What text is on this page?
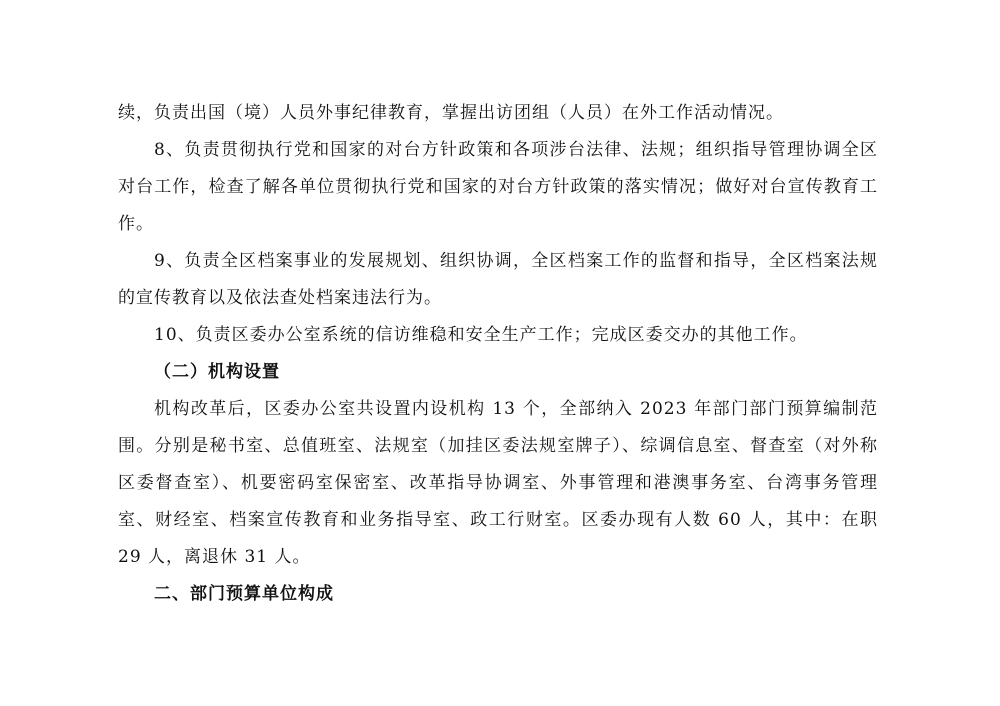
续，负责出国（境）人员外事纪律教育，掌握出访团组（人员）在外工作活动情况。

8、负责贯彻执行党和国家的对台方针政策和各项涉台法律、法规；组织指导管理协调全区对台工作，检查了解各单位贯彻执行党和国家的对台方针政策的落实情况；做好对台宣传教育工作。

9、负责全区档案事业的发展规划、组织协调，全区档案工作的监督和指导，全区档案法规的宣传教育以及依法查处档案违法行为。

10、负责区委办公室系统的信访维稳和安全生产工作；完成区委交办的其他工作。

（二）机构设置

机构改革后，区委办公室共设置内设机构 13 个，全部纳入 2023 年部门部门预算编制范围。分别是秘书室、总值班室、法规室（加挂区委法规室牌子）、综调信息室、督查室（对外称区委督查室）、机要密码室保密室、改革指导协调室、外事管理和港澳事务室、台湾事务管理室、财经室、档案宣传教育和业务指导室、政工行财室。区委办现有人数 60 人，其中：在职 29 人，离退休 31 人。

二、部门预算单位构成
